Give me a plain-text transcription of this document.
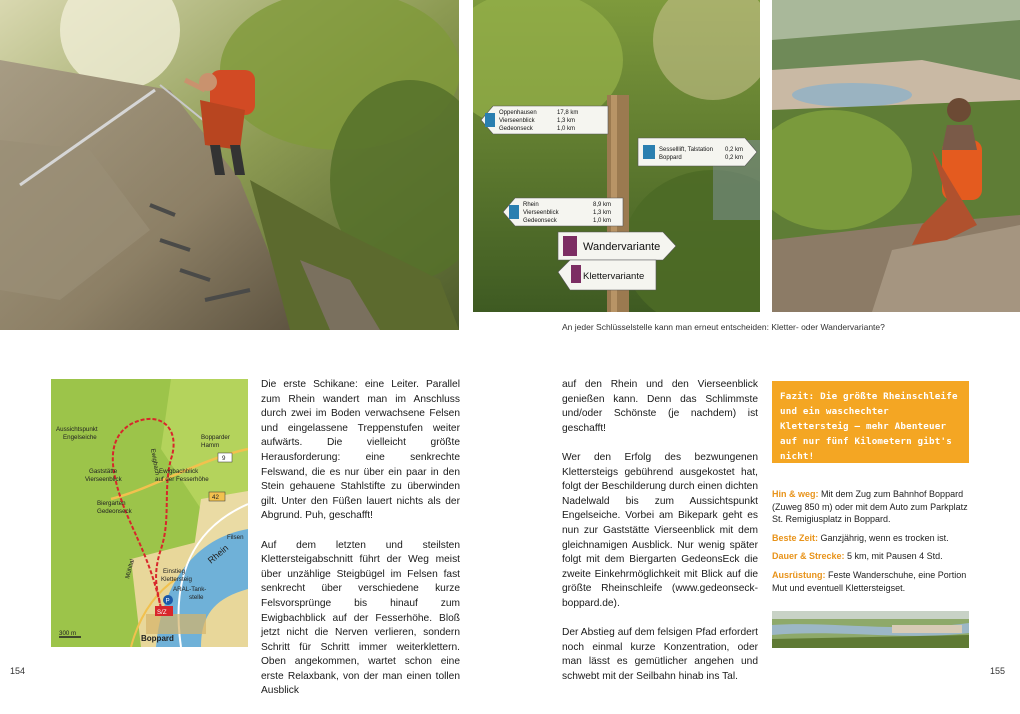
Oppenhausen
Vierseenblick
Gedeonseck
17,8 km
1,3 km
1,0 km
Sesselllift, Talstation
Boppard
0,2 km
0,2 km
Rhein
Vierseenblick
Gedeonseck
8,9 km
1,3 km
1,0 km
Wandervariante
Klettervariante
An jeder Schlüsselstelle kann man erneut entscheiden: Kletter- oder Wandervariante?
9
42
S/Z
P
300 m
Aussichtspunkt
Engelseiche
Gaststätte
Vierseenblick
Ewigbachblick
auf der Fesserhöhe
Biergarten
Gedeonseck
Bopparder
Hamm
Einstieg
Klettersteig
ARAL-Tank-
stelle
Filsen
Rhein
Boppard
Mühltal
Ewigbach

Die erste Schikane: eine Leiter. Parallel zum Rhein wandert man im Anschluss durch zwei im Boden verwachsene Felsen und eingelassene Treppenstufen weiter aufwärts. Die vielleicht größte Herausforderung: eine senkrechte Felswand, die es nur über ein paar in den Stein gehauene Stahlstifte zu überwinden gilt. Unter den Füßen lauert nichts als der Abgrund. Puh, geschafft!

Auf dem letzten und steilsten Klettersteigabschnitt führt der Weg meist über unzählige Steigbügel im Felsen fast senkrecht über verschiedene kurze Felsvorsprünge bis hinauf zum Ewigbachblick auf der Fesserhöhe. Bloß jetzt nicht die Nerven verlieren, sondern Schritt für Schritt immer weiterklettern. Oben angekommen, wartet schon eine erste Relaxbank, von der man einen tollen Ausblick

auf den Rhein und den Vierseenblick genießen kann. Denn das Schlimmste und/oder Schönste (je nachdem) ist geschafft!

Wer den Erfolg des bezwungenen Klettersteigs gebührend ausgekostet hat, folgt der Beschilderung durch einen dichten Nadelwald bis zum Aussichtspunkt Engelseiche. Vorbei am Bikepark geht es nun zur Gaststätte Vierseenblick mit dem gleichnamigen Ausblick. Nur wenig später folgt mit dem Biergarten GedeonsEck die zweite Einkehrmöglichkeit mit Blick auf die größte Rheinschleife (www.gedeonseck-boppard.de).

Der Abstieg auf dem felsigen Pfad erfordert noch einmal kurze Konzentration, oder man lässt es gemütlicher angehen und schwebt mit der Seilbahn hinab ins Tal.

Fazit: Die größte Rheinschleife und ein waschechter Klettersteig – mehr Abenteuer auf nur fünf Kilometern gibt's nicht!
Hin & weg: Mit dem Zug zum Bahnhof Boppard (Zuweg 850 m) oder mit dem Auto zum Parkplatz St. Remigiusplatz in Boppard.
Beste Zeit: Ganzjährig, wenn es trocken ist.
Dauer & Strecke: 5 km, mit Pausen 4 Std.
Ausrüstung: Feste Wanderschuhe, eine Portion Mut und eventuell Klettersteigset.
154	155
